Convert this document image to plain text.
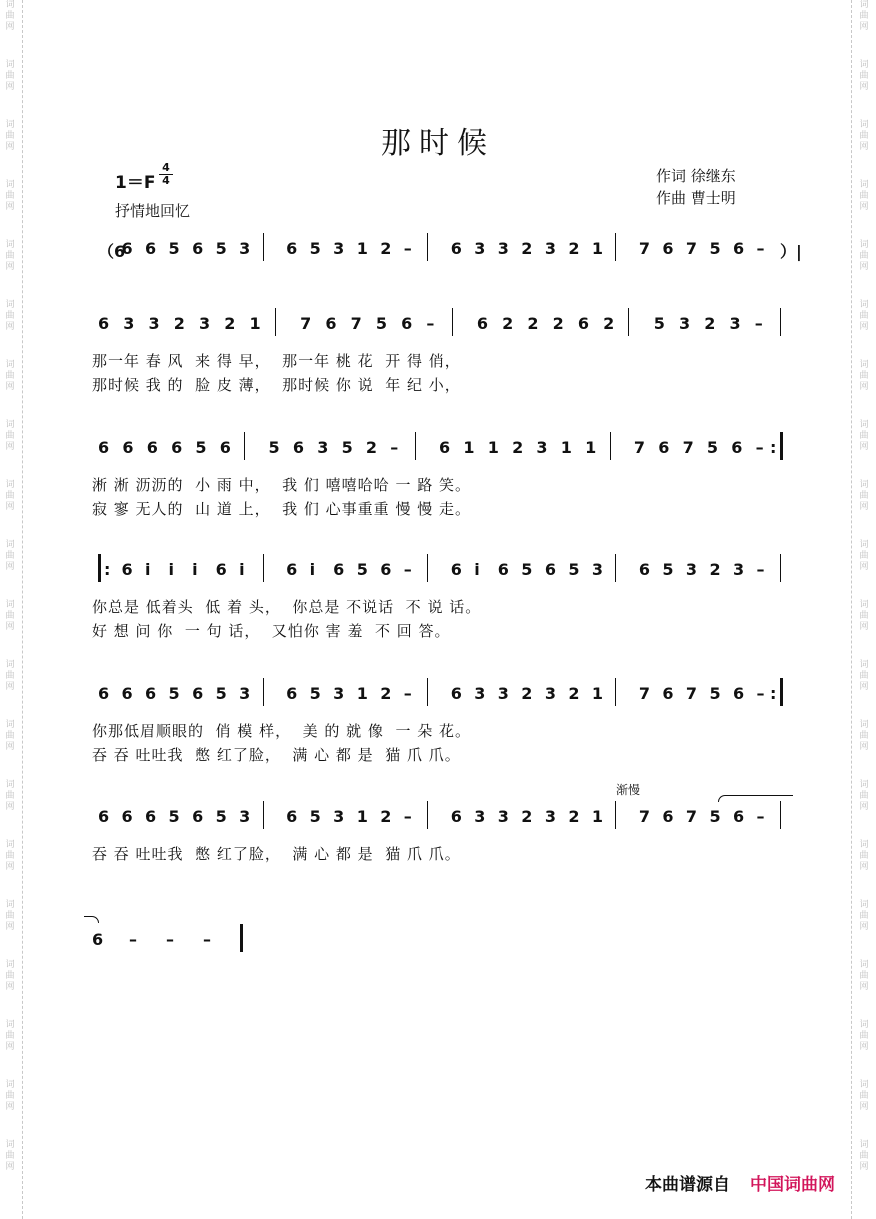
词
曲
网
词
曲
网
词
曲
网
词
曲
网
词
曲
网
词
曲
网
词
曲
网
词
曲
网
词
曲
网
词
曲
网
词
曲
网
词
曲
网
词
曲
网
词
曲
网
词
曲
网
词
曲
网
词
曲
网
词
曲
网
词
曲
网
词
曲
网
词
曲
网
词
曲
网
词
曲
网
词
曲
网
词
曲
网
词
曲
网
词
曲
网
词
曲
网
词
曲
网
词
曲
网
词
曲
网
词
曲
网
词
曲
网
词
曲
网
词
曲
网
词
曲
网
词
曲
网
词
曲
网
词
曲
网
词
曲
网
那时候
1＝F
4
4
抒情地回忆
作词 徐继东
作曲 曹士明
（6
6 6 5 6 5 3 6 5 3 1 2 – 6 3 3 2 3 2 1 7 6 7 5 6 – ）|
6 3 3 2 3 2 1 7 6 7 5 6 –	6 2 2 2 6 2 5 3 2 3 –
那一年 春 风  来 得 早，  那一年 桃 花  开 得 俏，
那时候 我 的  脸 皮 薄，  那时候 你 说  年 纪 小，
6 6 6 6 5 6 5 6 3 5 2 –	6 1 1 2 3 1 1 7 6 7 5 6 – :
淅 淅 沥沥的  小 雨 中，  我 们 嘻嘻哈哈 一 路 笑。
寂 寥 无人的  山 道 上，  我 们 心事重重 慢 慢 走。
: 6 i i i 6 i	6 i 6 5 6 – 6 i 6 5 6 5 3 6 5 3 2 3 –
你总是 低着头  低 着 头，  你总是 不说话  不 说 话。
好 想 问 你  一 句 话，  又怕你 害 羞  不 回 答。
6 6 6 5 6 5 3 6 5 3 1 2 – 6 3 3 2 3 2 1 7 6 7 5 6 – :
你那低眉顺眼的  俏 模 样，  美 的 就 像  一 朵 花。
吞 吞 吐吐我  憋 红了脸，  满 心 都 是  猫 爪 爪。
6 6 6 5 6 5 3 6 5 3 1 2 – 6 3 3 2 3 2 1 7 6 7 5 6 –
吞 吞 吐吐我  憋 红了脸，  满 心 都 是  猫 爪 爪。
渐慢
6 – – –
本曲谱源自 中国词曲网
